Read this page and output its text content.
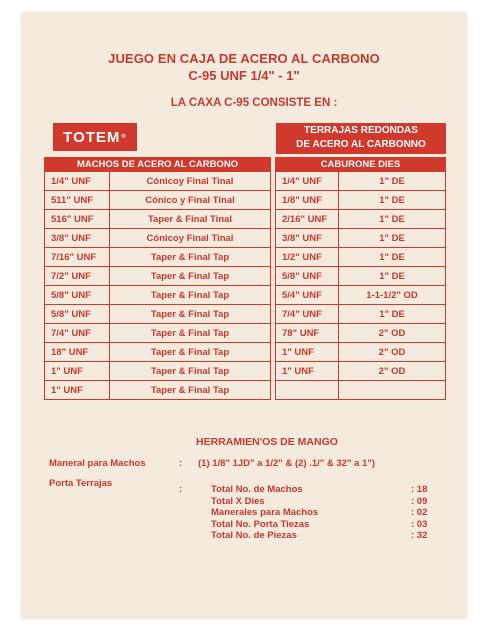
JUEGO EN CAJA DE ACERO AL CARBONO
C-95 UNF 1/4" - 1"
LA CAXA C-95 CONSISTE EN :
TOTEM ®
TERRAJAS REDONDAS
DE ACERO AL CARBONNO
MACHOS DE ACERO AL CARBONO	
1/4" UNF	Cónicoy Final Tinal
511" UNF	Cónico y Final Tinal
516" UNF	Taper & Final Tinal
3/8" UNF	Cónicoy Final Tinal
7/16" UNF	Taper & Final Tap
7/2" UNF	Taper & Final Tap
5/8" UNF	Taper & Final Tap
5/8" UNF	Taper & Final Tap
7/4" UNF	Taper & Final Tap
18" UNF	Taper & Final Tap
1" UNF	Taper & Final Tap
1" UNF	Taper & Final Tap
CABURONE DIES	
1/4" UNF	1" DE
1/8" UNF	1" DE
2/16" UNF	1" DE
3/8" UNF	1" DE
1/2" UNF	1" DE
5/8" UNF	1" DE
5/4" UNF	1-1-1/2" OD
7/4" UNF	1" DE
78" UNF	2" OD
1" UNF	2" OD
1" UNF	2" OD

HERRAMIEN'OS DE MANGO
Maneral para Machos	: (1) 1/8" 1JD" a 1/2" & (2) .1/" & 32" a 1")
Porta Terrajas
:	Total No. de Machos	: 18
Total X Dies	: 09
Manerales para Machos	: 02
Total No. Porta Tiezas	: 03
Total No. de Piezas	: 32
